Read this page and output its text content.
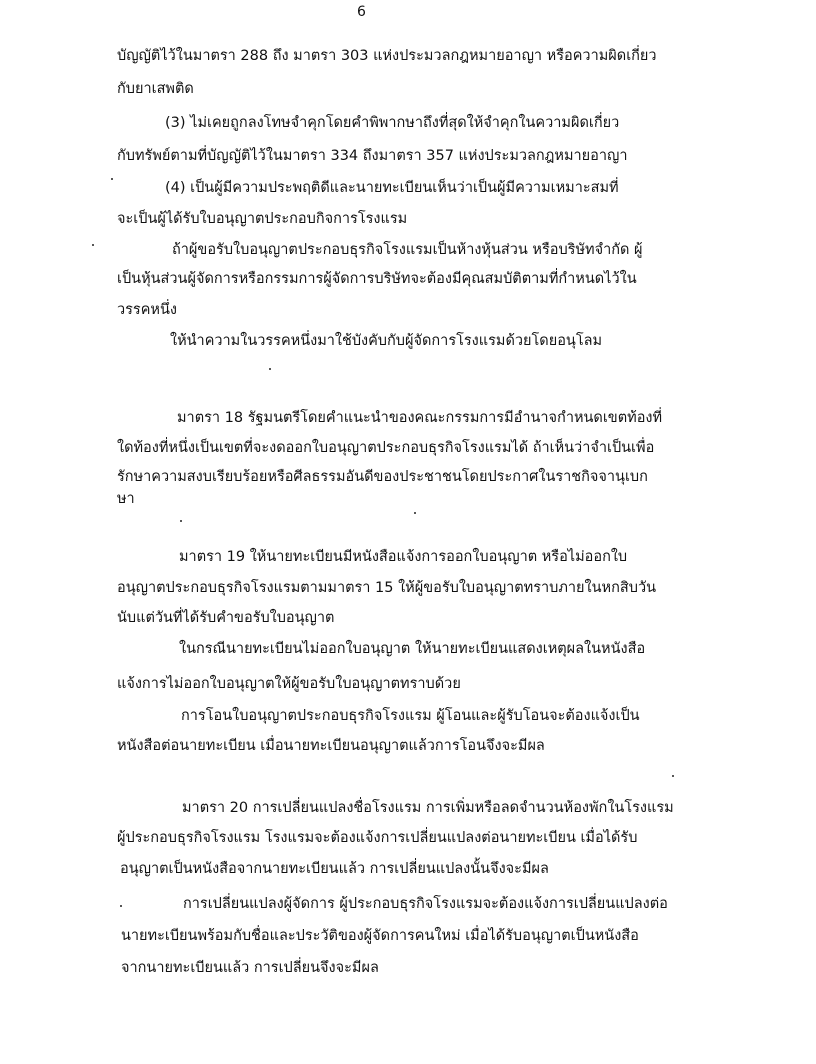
6
บัญญัติไว้ในมาตรา 288 ถึง มาตรา 303 แห่งประมวลกฎหมายอาญา หรือความผิดเกี่ยว
กับยาเสพติด
(3) ไม่เคยถูกลงโทษจำคุกโดยคำพิพากษาถึงที่สุดให้จำคุกในความผิดเกี่ยว
กับทรัพย์ตามที่บัญญัติไว้ในมาตรา 334 ถึงมาตรา 357 แห่งประมวลกฎหมายอาญา
(4) เป็นผู้มีความประพฤติดีและนายทะเบียนเห็นว่าเป็นผู้มีความเหมาะสมที่
จะเป็นผู้ได้รับใบอนุญาตประกอบกิจการโรงแรม
ถ้าผู้ขอรับใบอนุญาตประกอบธุรกิจโรงแรมเป็นห้างหุ้นส่วน หรือบริษัทจำกัด ผู้
เป็นหุ้นส่วนผู้จัดการหรือกรรมการผู้จัดการบริษัทจะต้องมีคุณสมบัติตามที่กำหนดไว้ใน
วรรคหนึ่ง
ให้นำความในวรรคหนึ่งมาใช้บังคับกับผู้จัดการโรงแรมด้วยโดยอนุโลม
มาตรา 18 รัฐมนตรีโดยคำแนะนำของคณะกรรมการมีอำนาจกำหนดเขตท้องที่
ใดท้องที่หนึ่งเป็นเขตที่จะงดออกใบอนุญาตประกอบธุรกิจโรงแรมได้ ถ้าเห็นว่าจำเป็นเพื่อ
รักษาความสงบเรียบร้อยหรือศีลธรรมอันดีของประชาชนโดยประกาศในราชกิจจานุเบก
ษา
มาตรา 19 ให้นายทะเบียนมีหนังสือแจ้งการออกใบอนุญาต หรือไม่ออกใบ
อนุญาตประกอบธุรกิจโรงแรมตามมาตรา 15 ให้ผู้ขอรับใบอนุญาตทราบภายในหกสิบวัน
นับแต่วันที่ได้รับคำขอรับใบอนุญาต
ในกรณีนายทะเบียนไม่ออกใบอนุญาต ให้นายทะเบียนแสดงเหตุผลในหนังสือ
แจ้งการไม่ออกใบอนุญาตให้ผู้ขอรับใบอนุญาตทราบด้วย
การโอนใบอนุญาตประกอบธุรกิจโรงแรม ผู้โอนและผู้รับโอนจะต้องแจ้งเป็น
หนังสือต่อนายทะเบียน เมื่อนายทะเบียนอนุญาตแล้วการโอนจึงจะมีผล
มาตรา 20 การเปลี่ยนแปลงชื่อโรงแรม การเพิ่มหรือลดจำนวนห้องพักในโรงแรม
ผู้ประกอบธุรกิจโรงแรม โรงแรมจะต้องแจ้งการเปลี่ยนแปลงต่อนายทะเบียน เมื่อได้รับ
อนุญาตเป็นหนังสือจากนายทะเบียนแล้ว การเปลี่ยนแปลงนั้นจึงจะมีผล
การเปลี่ยนแปลงผู้จัดการ ผู้ประกอบธุรกิจโรงแรมจะต้องแจ้งการเปลี่ยนแปลงต่อ
นายทะเบียนพร้อมกับชื่อและประวัติของผู้จัดการคนใหม่ เมื่อได้รับอนุญาตเป็นหนังสือ
จากนายทะเบียนแล้ว การเปลี่ยนจึงจะมีผล
